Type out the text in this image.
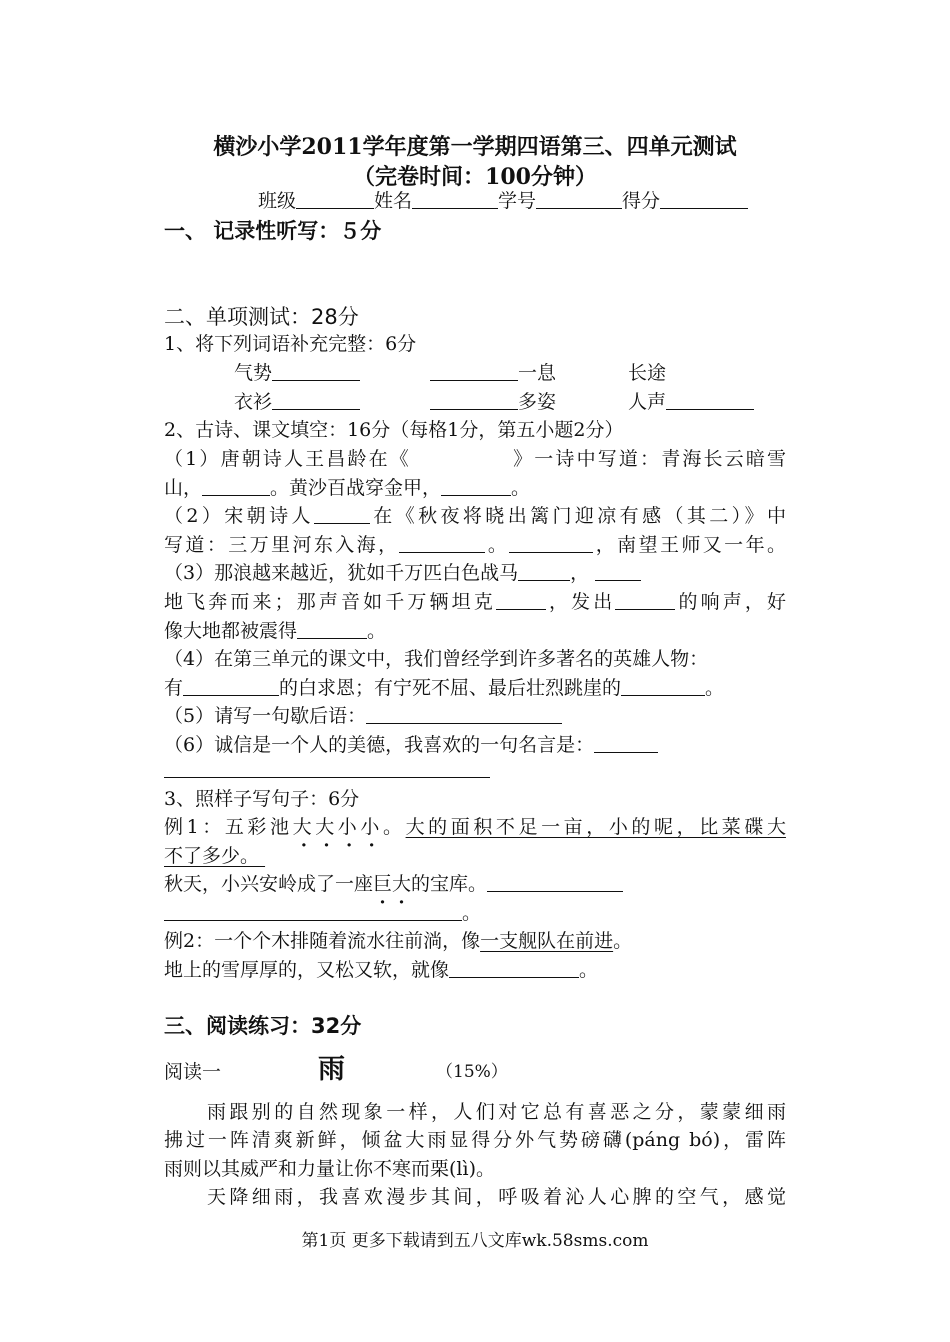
横沙小学2011学年度第一学期四语第三、四单元测试
（完卷时间：100分钟）
班级	姓名	学号	得分
一、 记录性听写：５分
二、单项测试：28分
1、将下列词语补充完整：6分
气势	一息	长途
衣衫	多姿	人声
2、古诗、课文填空：16分（每格1分，第五小题2分）
（1）唐朝诗人王昌龄在《	》一诗中写道：青海长云暗雪
山，	。黄沙百战穿金甲，	。
（2）宋朝诗人	在《秋夜将晓出篱门迎凉有感（其二）》中
写道：三万里河东入海，	。	，南望王师又一年。
（3）那浪越来越近，犹如千万匹白色战马	，
地飞奔而来；那声音如千万辆坦克	，发出	的响声，好
像大地都被震得	。
（4）在第三单元的课文中，我们曾经学到许多著名的英雄人物：
有	的白求恩；有宁死不屈、最后壮烈跳崖的	。
（5）请写一句歇后语：
（6）诚信是一个人的美德，我喜欢的一句名言是：
3、照样子写句子：6分
例1：五彩池大大小小。大的面积不足一亩，小的呢，比菜碟大
不了多少。
秋天，小兴安岭成了一座巨大的宝库。
。
例2：一个个木排随着流水往前淌，像一支舰队在前进。
地上的雪厚厚的，又松又软，就像	。
三、阅读练习：32分
阅读一	雨	（15%）
雨跟别的自然现象一样，人们对它总有喜恶之分，蒙蒙细雨
拂过一阵清爽新鲜，倾盆大雨显得分外气势磅礴(páng bó)，雷阵
雨则以其威严和力量让你不寒而栗(lì)。
天降细雨，我喜欢漫步其间，呼吸着沁人心脾的空气，感觉
第1页 更多下载请到五八文库wk.58sms.com
